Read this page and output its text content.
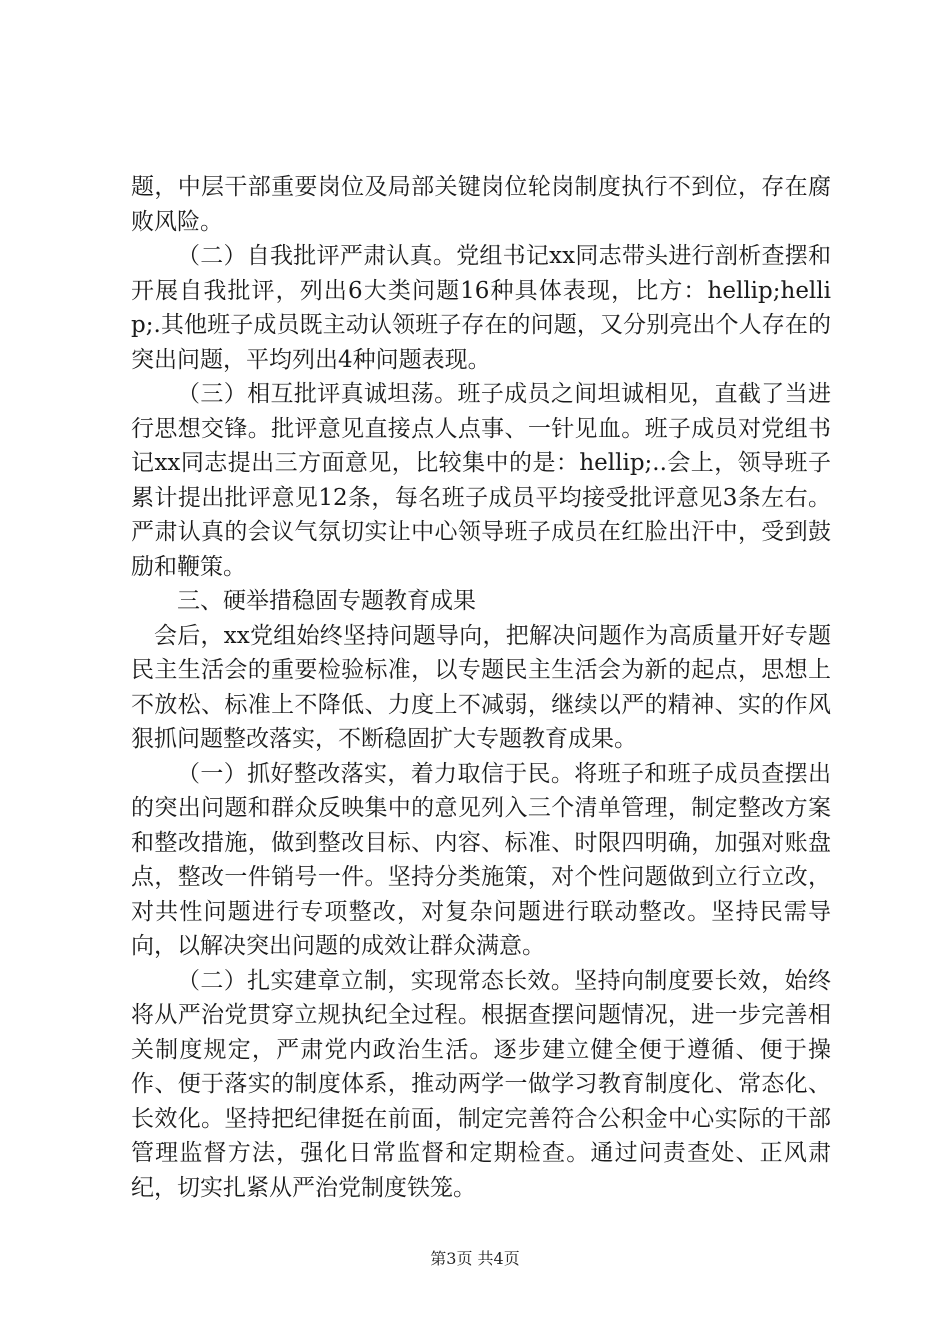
题，中层干部重要岗位及局部关键岗位轮岗制度执行不到位，存在腐败风险。

（二）自我批评严肃认真。党组书记xx同志带头进行剖析查摆和开展自我批评，列出6大类问题16种具体表现，比方：hellip;hellip;.其他班子成员既主动认领班子存在的问题，又分别亮出个人存在的突出问题，平均列出4种问题表现。

（三）相互批评真诚坦荡。班子成员之间坦诚相见，直截了当进行思想交锋。批评意见直接点人点事、一针见血。班子成员对党组书记xx同志提出三方面意见，比较集中的是：hellip;..会上，领导班子累计提出批评意见12条，每名班子成员平均接受批评意见3条左右。严肃认真的会议气氛切实让中心领导班子成员在红脸出汗中，受到鼓励和鞭策。

三、硬举措稳固专题教育成果

会后，xx党组始终坚持问题导向，把解决问题作为高质量开好专题民主生活会的重要检验标准，以专题民主生活会为新的起点，思想上不放松、标准上不降低、力度上不减弱，继续以严的精神、实的作风狠抓问题整改落实，不断稳固扩大专题教育成果。

（一）抓好整改落实，着力取信于民。将班子和班子成员查摆出的突出问题和群众反映集中的意见列入三个清单管理，制定整改方案和整改措施，做到整改目标、内容、标准、时限四明确，加强对账盘点，整改一件销号一件。坚持分类施策，对个性问题做到立行立改，对共性问题进行专项整改，对复杂问题进行联动整改。坚持民需导向，以解决突出问题的成效让群众满意。

（二）扎实建章立制，实现常态长效。坚持向制度要长效，始终将从严治党贯穿立规执纪全过程。根据查摆问题情况，进一步完善相关制度规定，严肃党内政治生活。逐步建立健全便于遵循、便于操作、便于落实的制度体系，推动两学一做学习教育制度化、常态化、长效化。坚持把纪律挺在前面，制定完善符合公积金中心实际的干部管理监督方法，强化日常监督和定期检查。通过问责查处、正风肃纪，切实扎紧从严治党制度铁笼。

第3页 共4页
